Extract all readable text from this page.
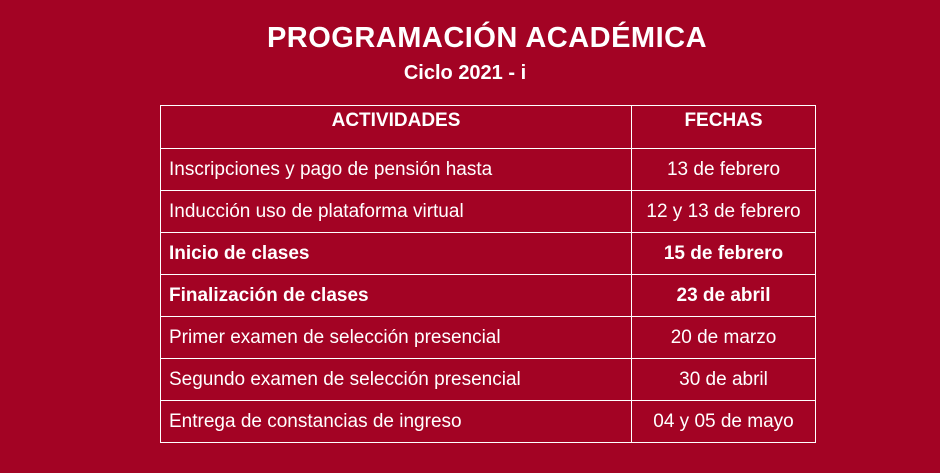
PROGRAMACIÓN ACADÉMICA
Ciclo 2021 - i
ACTIVIDADES	FECHAS
Inscripciones y pago de pensión hasta	13 de febrero
Inducción uso de plataforma virtual	12 y 13 de febrero
Inicio de clases	15 de febrero
Finalización de clases	23 de abril
Primer examen de selección presencial	20 de marzo
Segundo examen de selección presencial	30 de abril
Entrega de constancias de ingreso	04 y 05 de mayo
